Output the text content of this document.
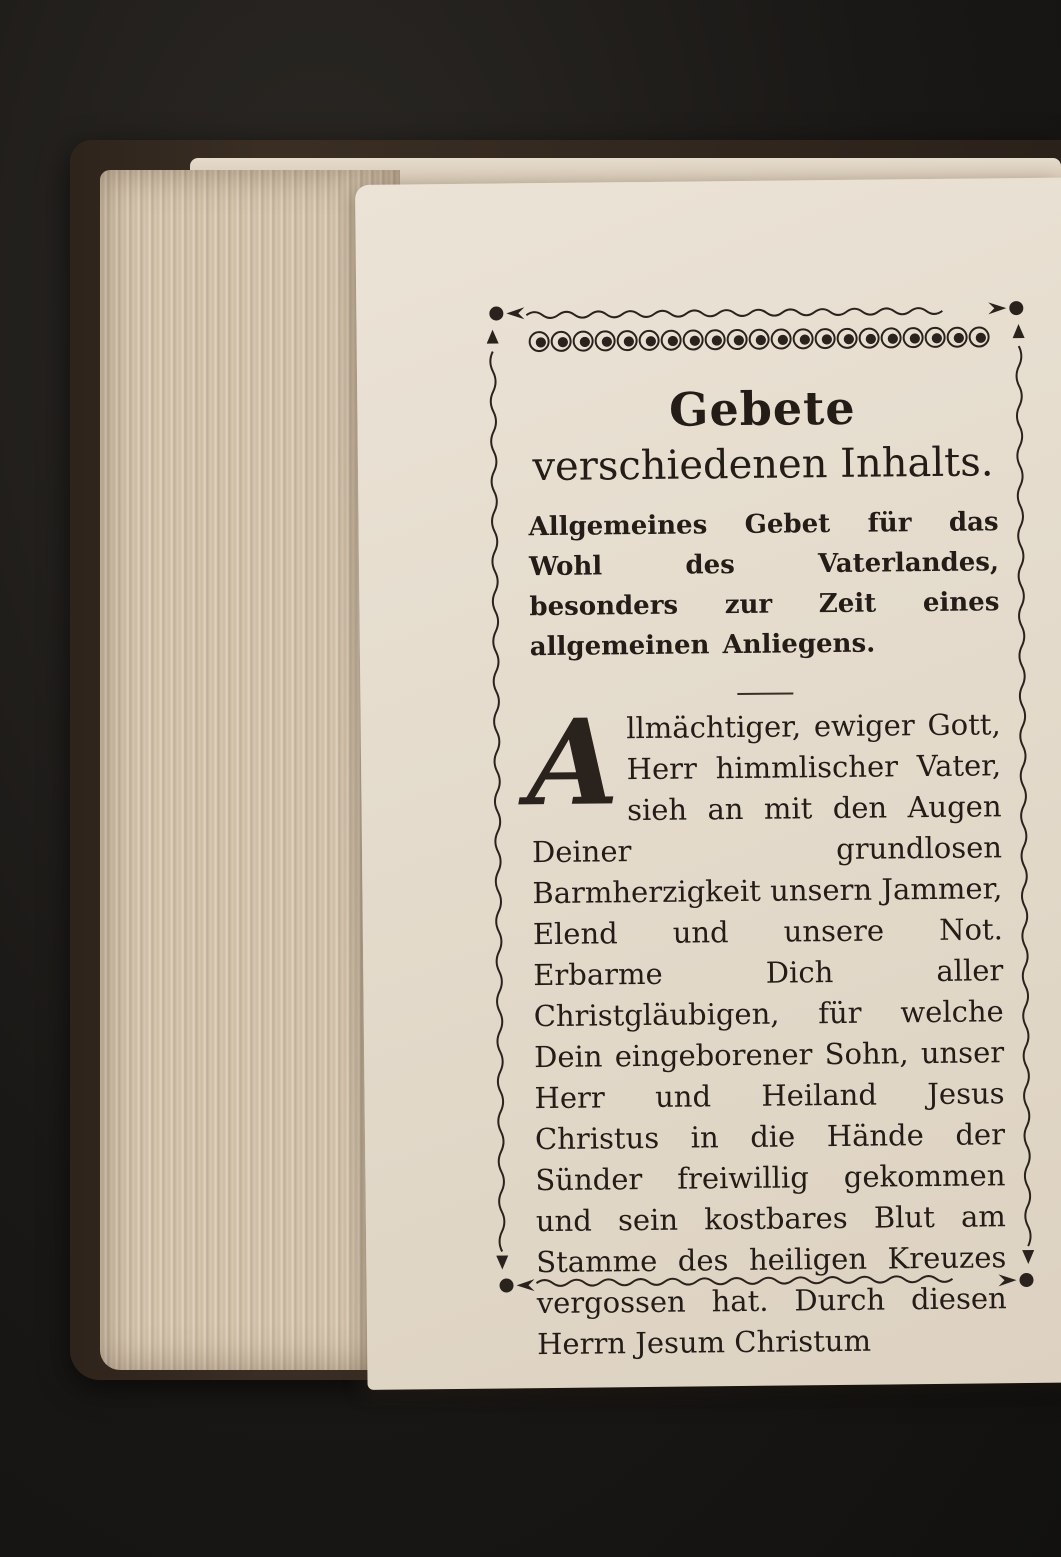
Gebete

verschiedenen Inhalts.

Allgemeines Gebet für das Wohl des Vaterlandes, besonders zur Zeit eines allgemeinen Anliegens.

A llmächtiger, ewiger Gott, Herr himmlischer Vater, sieh an mit den Augen Deiner grundlosen Barmherzigkeit unsern Jammer, Elend und unsere Not. Erbarme Dich aller Christgläubigen, für welche Dein eingeborener Sohn, unser Herr und Heiland Jesus Christus in die Hände der Sünder freiwillig gekommen und sein kostbares Blut am Stamme des heiligen Kreuzes vergossen hat. Durch diesen Herrn Jesum Christum
